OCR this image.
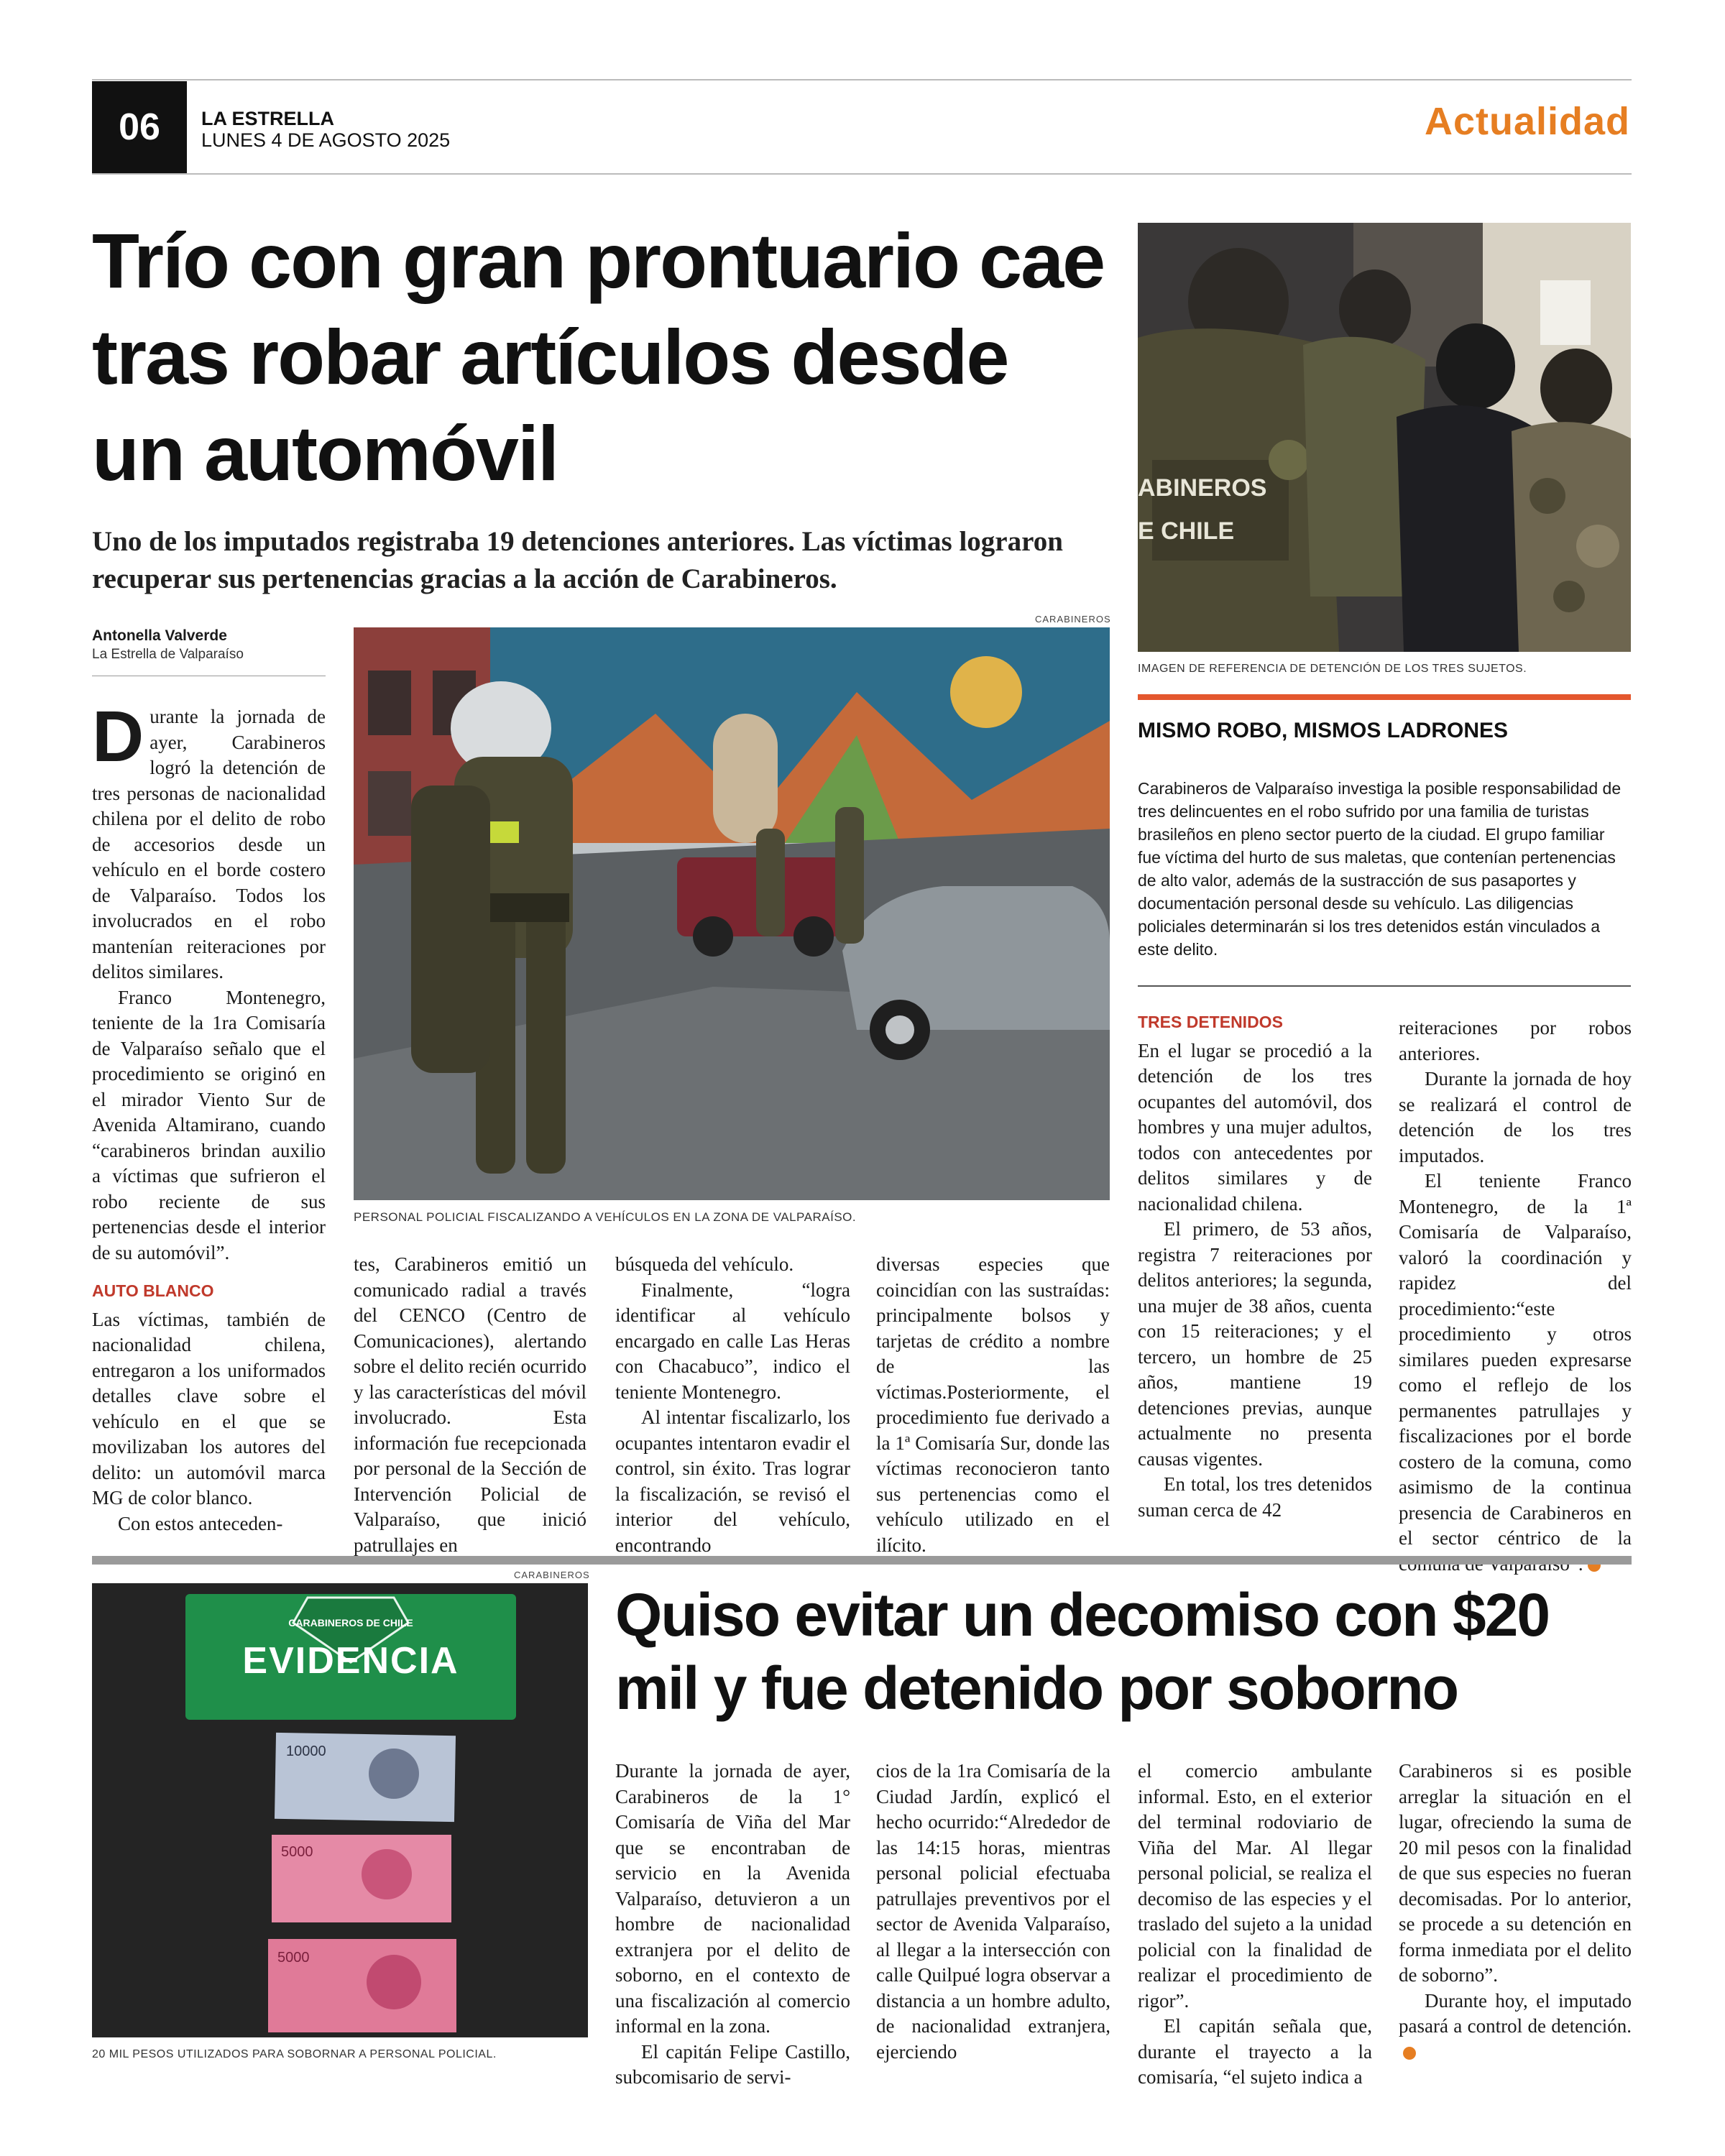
06 LA ESTRELLA
LUNES 4 DE AGOSTO 2025	Actualidad
Trío con gran prontuario cae tras robar artículos desde un automóvil
Uno de los imputados registraba 19 detenciones anteriores. Las víctimas lograron recuperar sus pertenencias gracias a la acción de Carabineros.
Antonella Valverde
La Estrella de Valparaíso
CARABINEROS
PERSONAL POLICIAL FISCALIZANDO A VEHÍCULOS EN LA ZONA DE VALPARAÍSO.

Durante la jornada de ayer, Carabineros logró la detención de tres personas de nacionalidad chilena por el delito de robo de accesorios desde un vehículo en el borde costero de Valparaíso. Todos los involucrados en el robo mantenían reiteraciones por delitos similares.

Franco Montenegro, teniente de la 1ra Comisaría de Valparaíso señalo que el procedimiento se originó en el mirador Viento Sur de Avenida Altamirano, cuando “carabineros brindan auxilio a víctimas que sufrieron el robo reciente de sus pertenencias desde el interior de su automóvil”.

AUTO BLANCO

Las víctimas, también de nacionalidad chilena, entregaron a los uniformados detalles clave sobre el vehículo en el que se movilizaban los autores del delito: un automóvil marca MG de color blanco.

Con estos anteceden-

tes, Carabineros emitió un comunicado radial a través del CENCO (Centro de Comunicaciones), alertando sobre el delito recién ocurrido y las características del móvil involucrado. Esta información fue recepcionada por personal de la Sección de Intervención Policial de Valparaíso, que inició patrullajes en

búsqueda del vehículo.

Finalmente, “logra identificar al vehículo encargado en calle Las Heras con Chacabuco”, indico el teniente Montenegro.

Al intentar fiscalizarlo, los ocupantes intentaron evadir el control, sin éxito. Tras lograr la fiscalización, se revisó el interior del vehículo, encontrando

diversas especies que coincidían con las sustraídas: principalmente bolsos y tarjetas de crédito a nombre de las víctimas.Posteriormente, el procedimiento fue derivado a la 1ª Comisaría Sur, donde las víctimas reconocieron tanto sus pertenencias como el vehículo utilizado en el ilícito.

ABINEROS
E CHILE
IMAGEN DE REFERENCIA DE DETENCIÓN DE LOS TRES SUJETOS.
MISMO ROBO, MISMOS LADRONES
Carabineros de Valparaíso investiga la posible responsabilidad de tres delincuentes en el robo sufrido por una familia de turistas brasileños en pleno sector puerto de la ciudad. El grupo familiar fue víctima del hurto de sus maletas, que contenían pertenencias de alto valor, además de la sustracción de sus pasaportes y documentación personal desde su vehículo. Las diligencias policiales determinarán si los tres detenidos están vinculados a este delito.
TRES DETENIDOS

En el lugar se procedió a la detención de los tres ocupantes del automóvil, dos hombres y una mujer adultos, todos con antecedentes por delitos similares y de nacionalidad chilena.

El primero, de 53 años, registra 7 reiteraciones por delitos anteriores; la segunda, una mujer de 38 años, cuenta con 15 reiteraciones; y el tercero, un hombre de 25 años, mantiene 19 detenciones previas, aunque actualmente no presenta causas vigentes.

En total, los tres detenidos suman cerca de 42

reiteraciones por robos anteriores.

Durante la jornada de hoy se realizará el control de detención de los tres imputados.

El teniente Franco Montenegro, de la 1ª Comisaría de Valparaíso, valoró la coordinación y rapidez del procedimiento:“este procedimiento y otros similares pueden expresarse como el reflejo de los permanentes patrullajes y fiscalizaciones por el borde costero de la comuna, como asimismo de la continua presencia de Carabineros en el sector céntrico de la

CARABINEROS
CARABINEROS DE CHILE
EVIDENCIA
10000
5000
5000
20 MIL PESOS UTILIZADOS PARA SOBORNAR A PERSONAL POLICIAL.
Quiso evitar un decomiso con $20 mil y fue detenido por soborno

Durante la jornada de ayer, Carabineros de la 1° Comisaría de Viña del Mar que se encontraban de servicio en la Avenida Valparaíso, detuvieron a un hombre de nacionalidad extranjera por el delito de soborno, en el contexto de una fiscalización al comercio informal en la zona.

El capitán Felipe Castillo, subcomisario de servi-

cios de la 1ra Comisaría de la Ciudad Jardín, explicó el hecho ocurrido:“Alrededor de las 14:15 horas, mientras personal policial efectuaba patrullajes preventivos por el sector de Avenida Valparaíso, al llegar a la intersección con calle Quilpué logra observar a distancia a un hombre adulto, de nacionalidad extranjera, ejerciendo

el comercio ambulante informal. Esto, en el exterior del terminal rodoviario de Viña del Mar. Al llegar personal policial, se realiza el decomiso de las especies y el traslado del sujeto a la unidad policial con la finalidad de realizar el procedimiento de rigor”.

El capitán señala que, durante el trayecto a la comisaría, “el sujeto indica a

Carabineros si es posible arreglar la situación en el lugar, ofreciendo la suma de 20 mil pesos con la finalidad de que sus especies no fueran decomisadas. Por lo anterior, se procede a su detención en forma inmediata por el delito de soborno”.

Durante hoy, el imputado pasará a control de detención.
